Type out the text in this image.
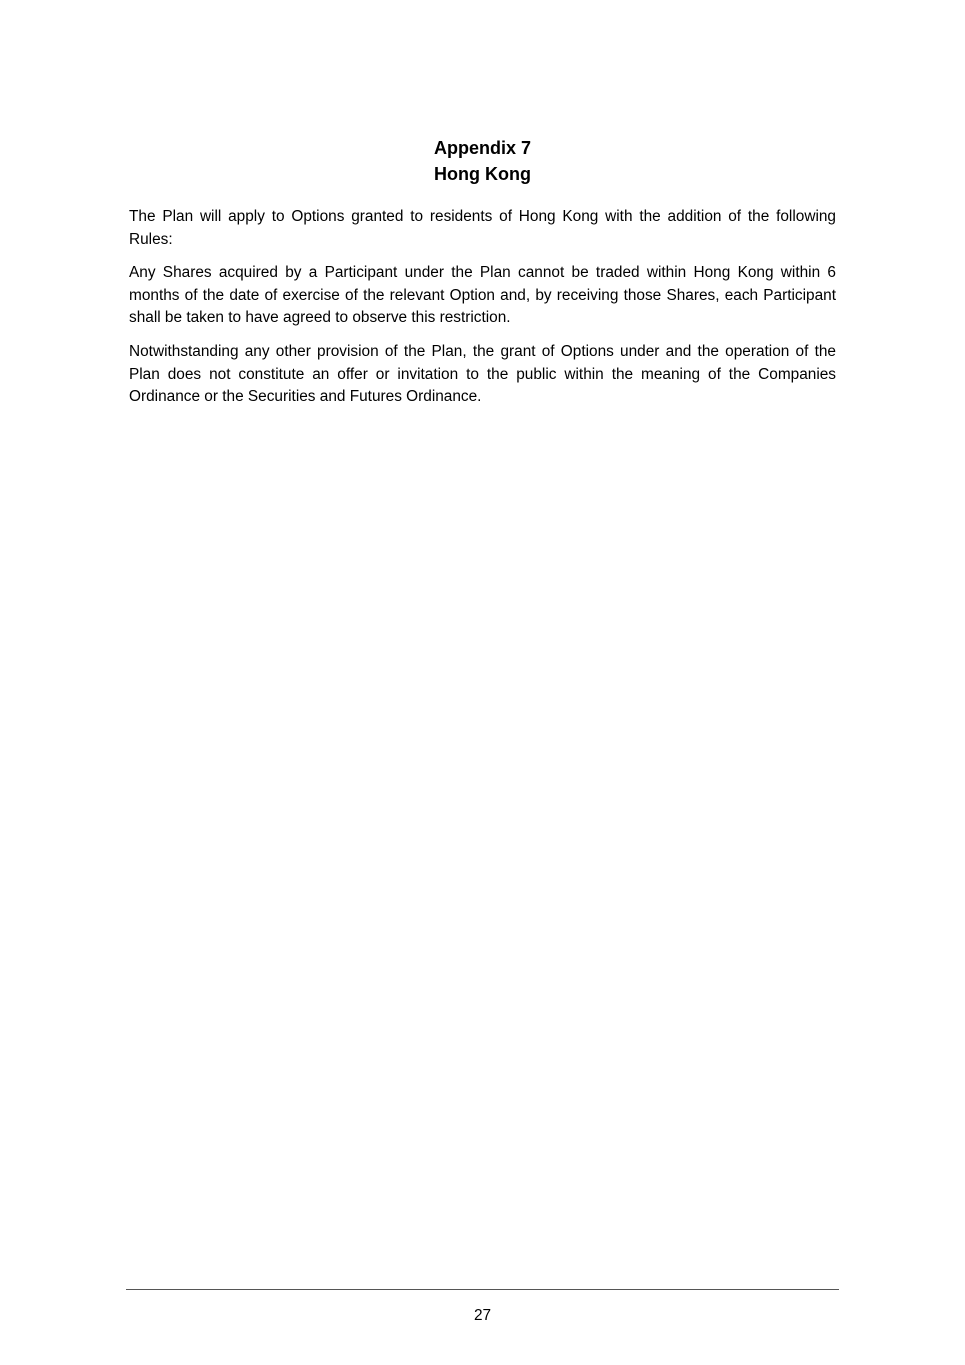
Appendix 7
Hong Kong

The Plan will apply to Options granted to residents of Hong Kong with the addition of the following Rules:

Any Shares acquired by a Participant under the Plan cannot be traded within Hong Kong within 6 months of the date of exercise of the relevant Option and, by receiving those Shares, each Participant shall be taken to have agreed to observe this restriction.

Notwithstanding any other provision of the Plan, the grant of Options under and the operation of the Plan does not constitute an offer or invitation to the public within the meaning of the Companies Ordinance or the Securities and Futures Ordinance.

27
